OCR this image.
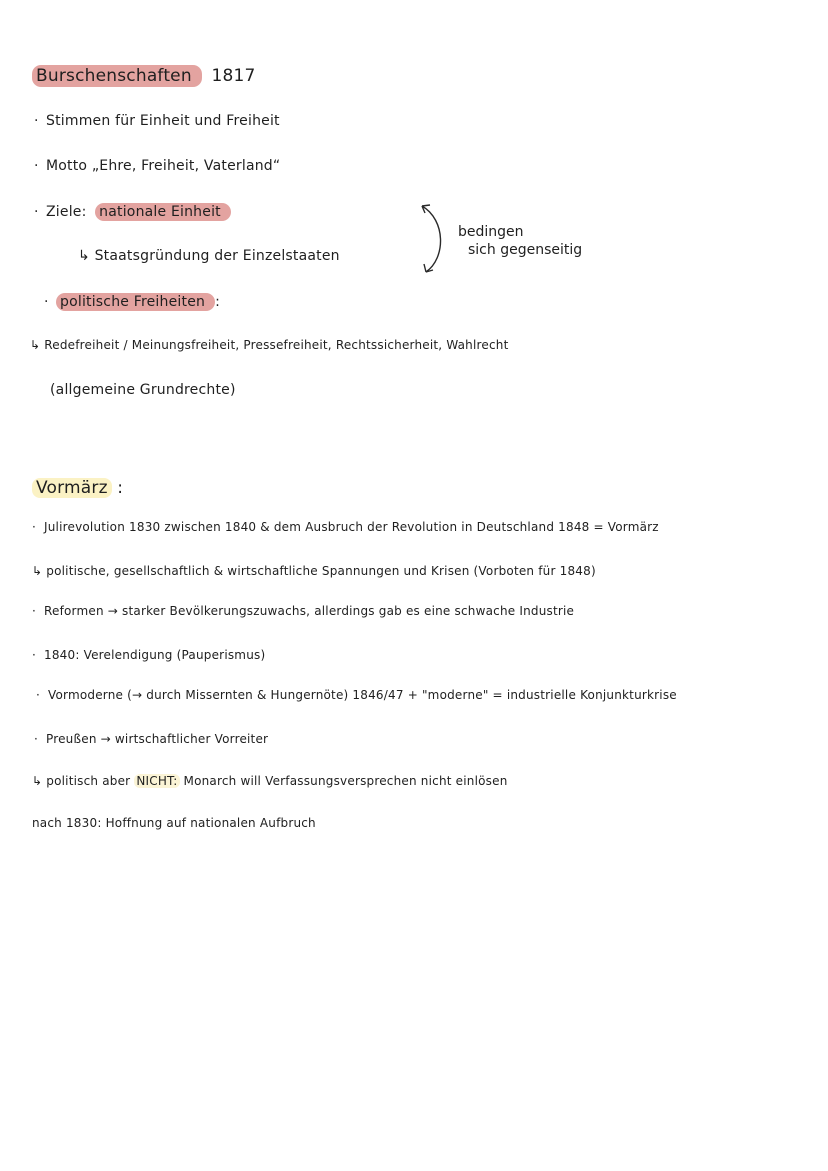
Burschenschaften 1817
· Stimmen für Einheit und Freiheit
· Motto „Ehre, Freiheit, Vaterland“
· Ziele: nationale Einheit
↳ Staatsgründung der Einzelstaaten
bedingen
sich gegenseitig
· politische Freiheiten :
↳ Redefreiheit / Meinungsfreiheit, Pressefreiheit, Rechtssicherheit, Wahlrecht
(allgemeine Grundrechte)
Vormärz :
· Julirevolution 1830 zwischen 1840 & dem Ausbruch der Revolution in Deutschland 1848 = Vormärz
↳ politische, gesellschaftlich & wirtschaftliche Spannungen und Krisen (Vorboten für 1848)
· Reformen → starker Bevölkerungszuwachs, allerdings gab es eine schwache Industrie
· 1840: Verelendigung (Pauperismus)
· Vormoderne (→ durch Missernten & Hungernöte) 1846/47 + "moderne" = industrielle Konjunkturkrise
· Preußen → wirtschaftlicher Vorreiter
↳ politisch aber NICHT: Monarch will Verfassungsversprechen nicht einlösen
nach 1830: Hoffnung auf nationalen Aufbruch
